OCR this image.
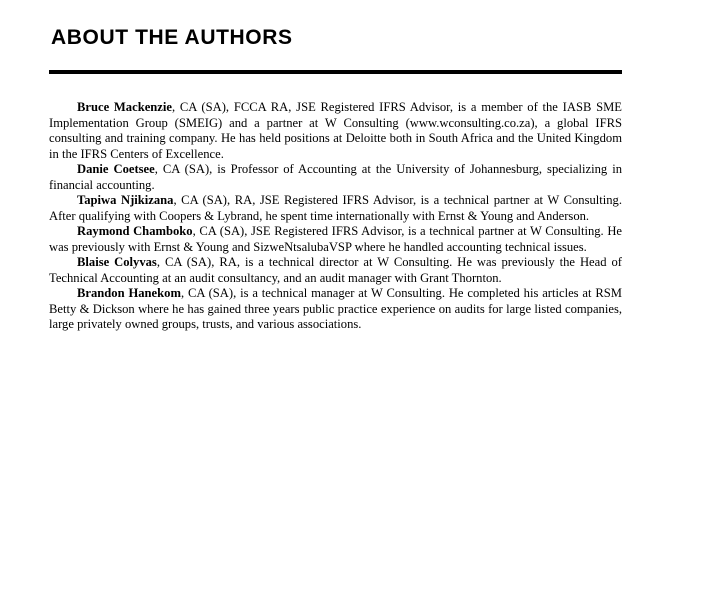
ABOUT THE AUTHORS

Bruce Mackenzie, CA (SA), FCCA RA, JSE Registered IFRS Advisor, is a member of the IASB SME Implementation Group (SMEIG) and a partner at W Consulting (www.wconsulting.co.za), a global IFRS consulting and training company. He has held positions at Deloitte both in South Africa and the United Kingdom in the IFRS Centers of Excellence.

Danie Coetsee, CA (SA), is Professor of Accounting at the University of Johannesburg, specializing in financial accounting.

Tapiwa Njikizana, CA (SA), RA, JSE Registered IFRS Advisor, is a technical partner at W Consulting. After qualifying with Coopers & Lybrand, he spent time internationally with Ernst & Young and Anderson.

Raymond Chamboko, CA (SA), JSE Registered IFRS Advisor, is a technical partner at W Consulting. He was previously with Ernst & Young and SizweNtsalubaVSP where he handled accounting technical issues.

Blaise Colyvas, CA (SA), RA, is a technical director at W Consulting. He was previously the Head of Technical Accounting at an audit consultancy, and an audit manager with Grant Thornton.

Brandon Hanekom, CA (SA), is a technical manager at W Consulting. He completed his articles at RSM Betty & Dickson where he has gained three years public practice experience on audits for large listed companies, large privately owned groups, trusts, and various associations.
